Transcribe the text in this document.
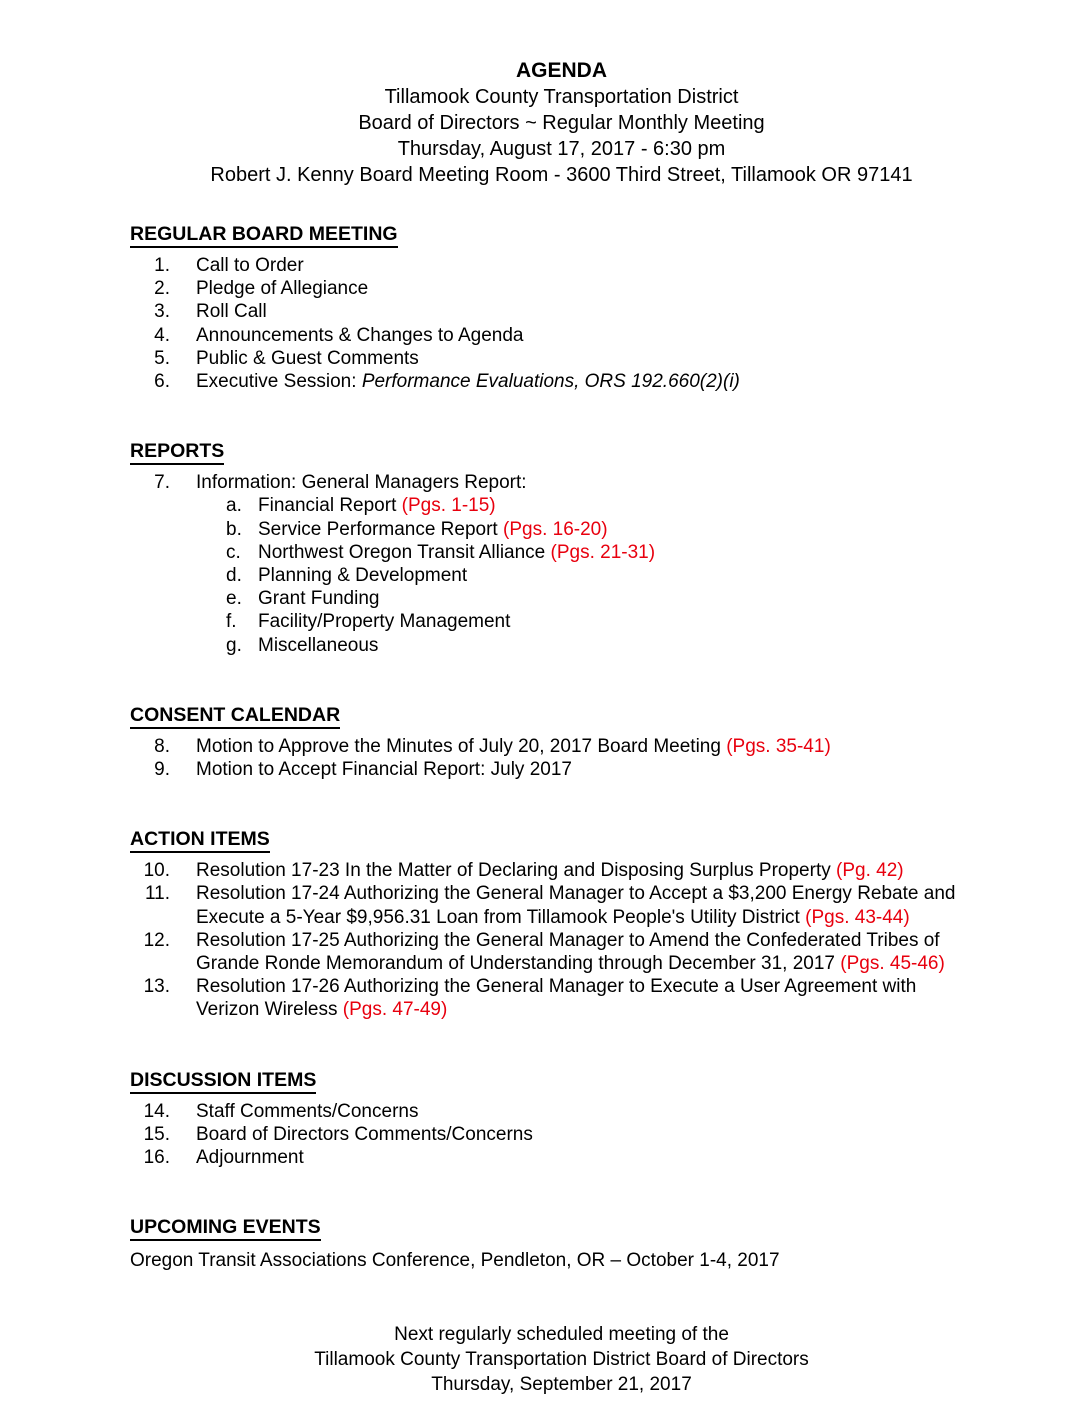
AGENDA
Tillamook County Transportation District
Board of Directors ~ Regular Monthly Meeting
Thursday, August 17, 2017 - 6:30 pm
Robert J. Kenny Board Meeting Room - 3600 Third Street, Tillamook OR 97141
REGULAR BOARD MEETING
1.	Call to Order
2.	Pledge of Allegiance
3.	Roll Call
4.	Announcements & Changes to Agenda
5.	Public & Guest Comments
6.	Executive Session: Performance Evaluations, ORS 192.660(2)(i)
REPORTS
7.	Information: General Managers Report:
a. Financial Report (Pgs. 1-15)
b. Service Performance Report (Pgs. 16-20)
c. Northwest Oregon Transit Alliance (Pgs. 21-31)
d. Planning & Development
e. Grant Funding
f.	Facility/Property Management
g. Miscellaneous
CONSENT CALENDAR
8.	Motion to Approve the Minutes of July 20, 2017 Board Meeting (Pgs. 35-41)
9.	Motion to Accept Financial Report: July 2017
ACTION ITEMS
10.	Resolution 17-23 In the Matter of Declaring and Disposing Surplus Property (Pg. 42)
11.	Resolution 17-24 Authorizing the General Manager to Accept a $3,200 Energy Rebate and Execute a 5-Year $9,956.31 Loan from Tillamook People's Utility District (Pgs. 43-44)
12.	Resolution 17-25 Authorizing the General Manager to Amend the Confederated Tribes of Grande Ronde Memorandum of Understanding through December 31, 2017 (Pgs. 45-46)
13.	Resolution 17-26 Authorizing the General Manager to Execute a User Agreement with Verizon Wireless (Pgs. 47-49)
DISCUSSION ITEMS
14.	Staff Comments/Concerns
15.	Board of Directors Comments/Concerns
16.	Adjournment
UPCOMING EVENTS
Oregon Transit Associations Conference, Pendleton, OR – October 1-4, 2017
Next regularly scheduled meeting of the
Tillamook County Transportation District Board of Directors
Thursday, September 21, 2017
